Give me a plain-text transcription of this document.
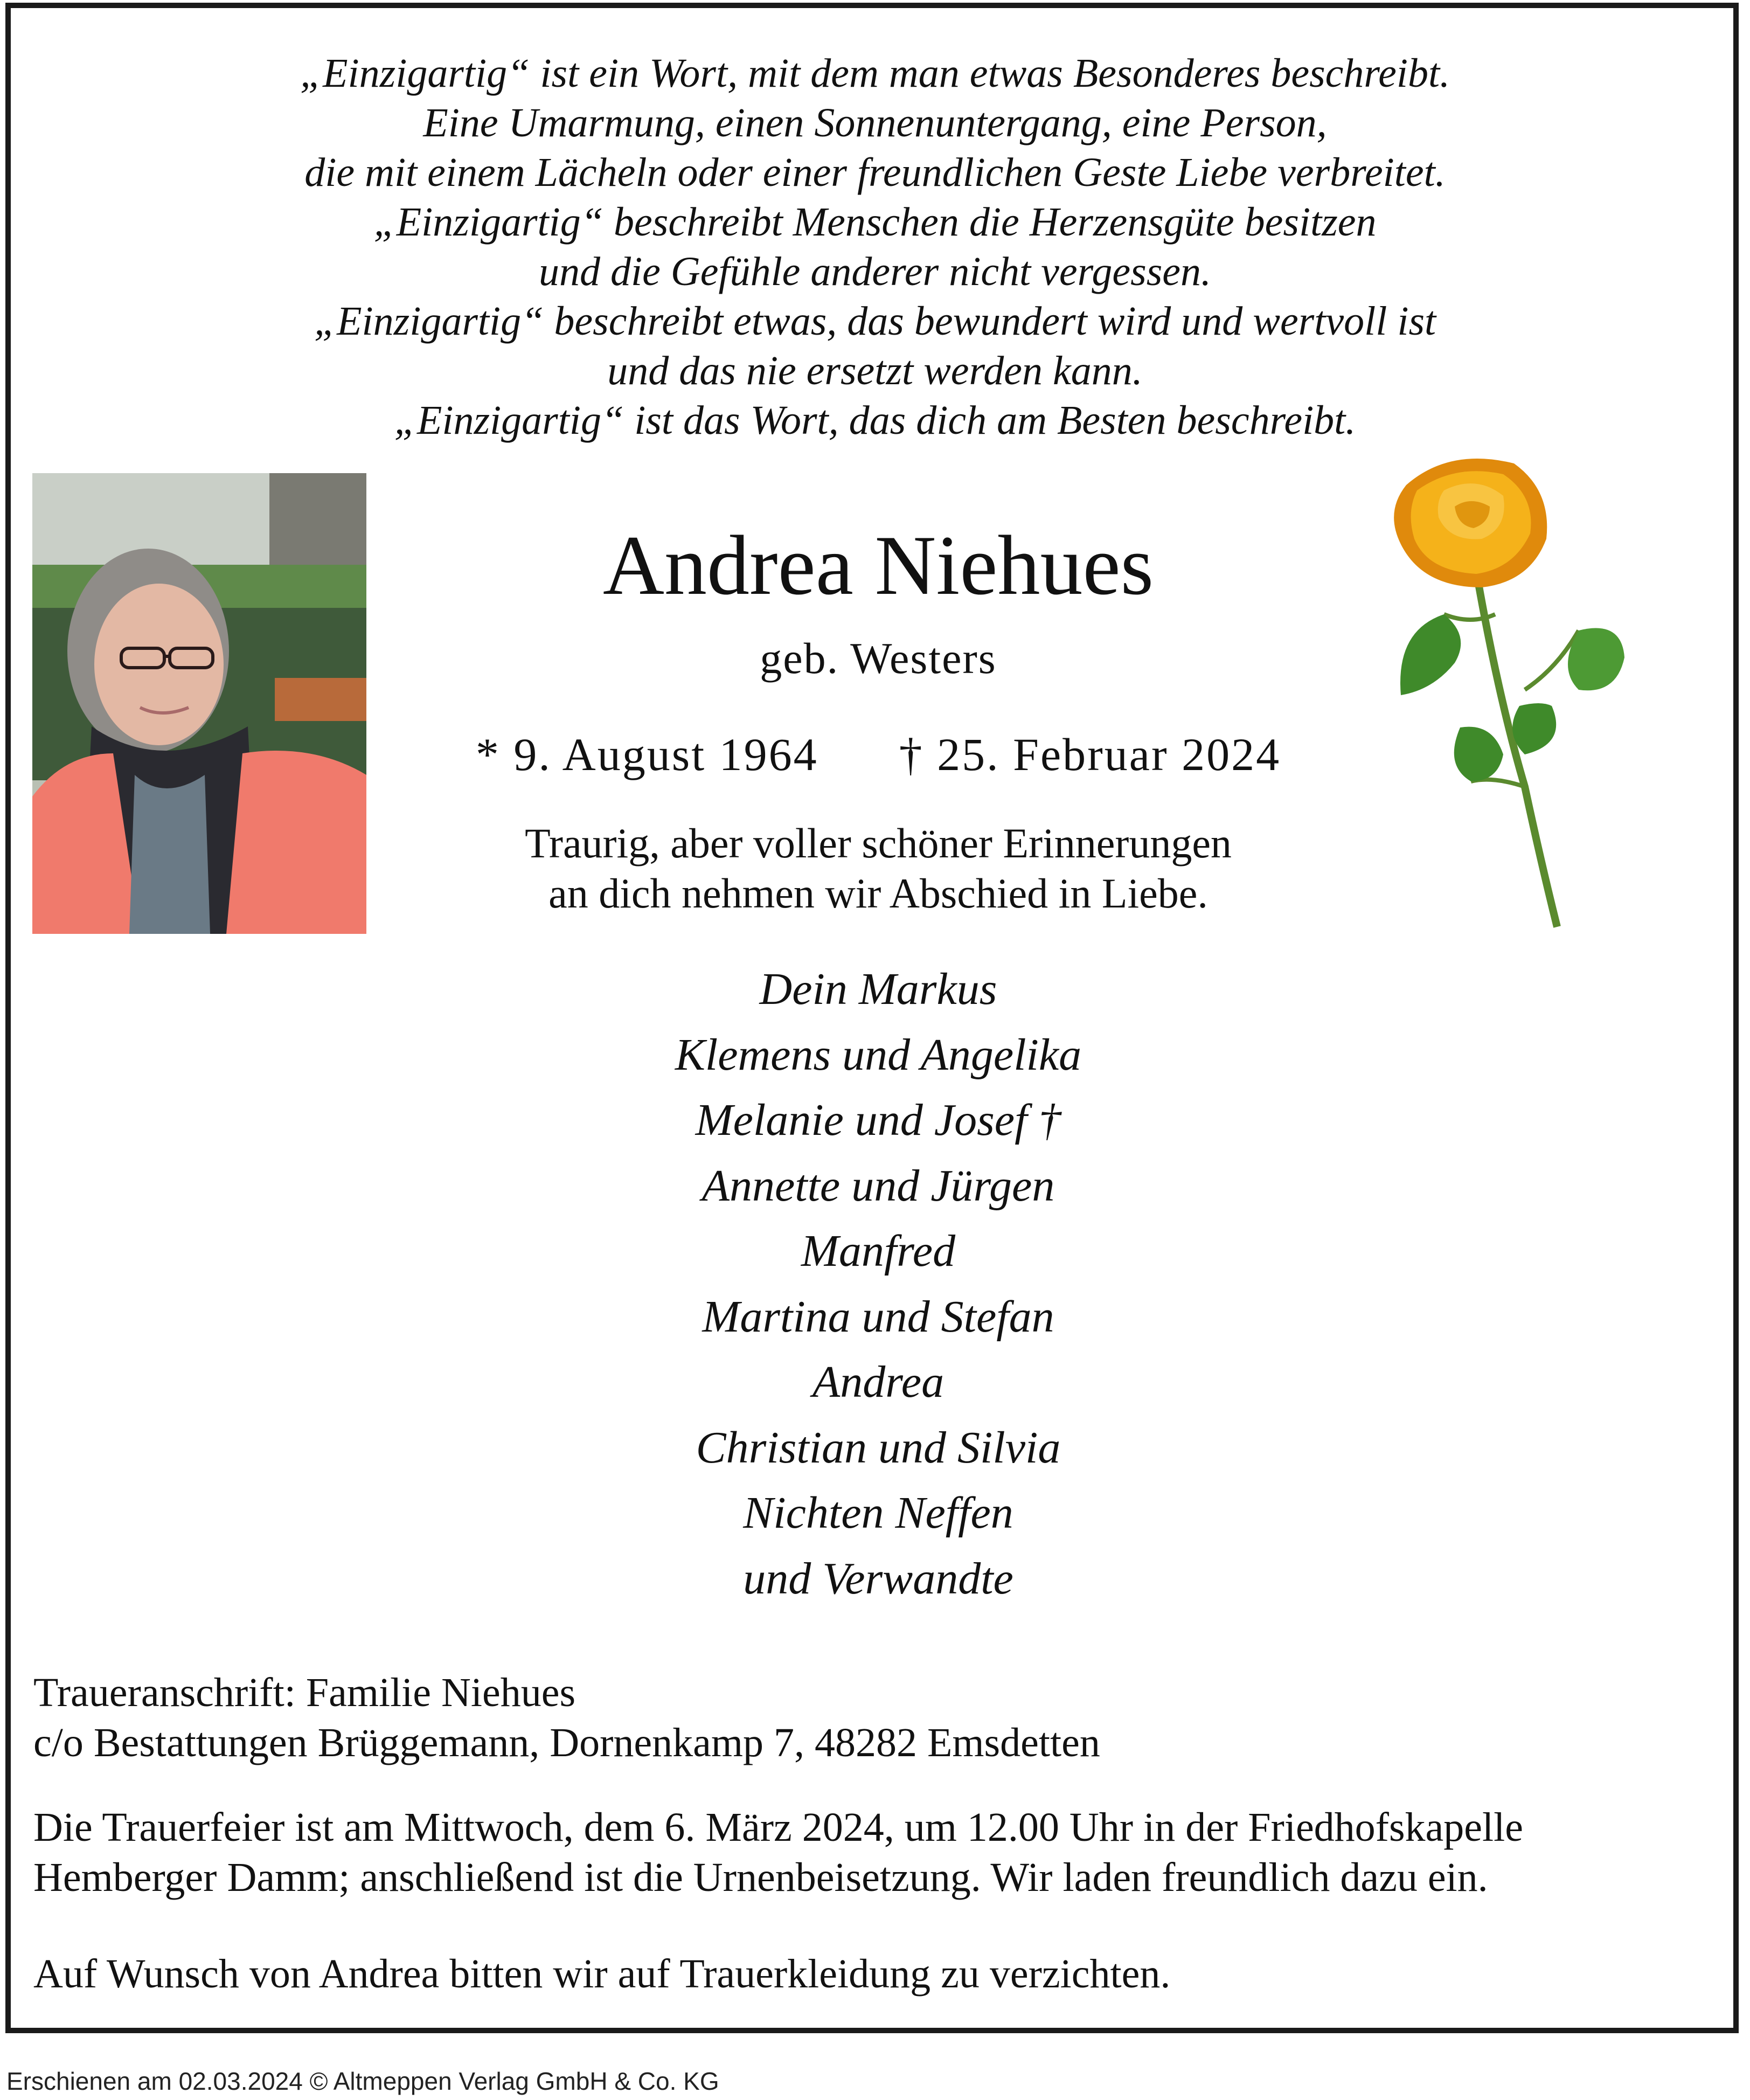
„Einzigartig“ ist ein Wort, mit dem man etwas Besonderes beschreibt.
Eine Umarmung, einen Sonnenuntergang, eine Person,
die mit einem Lächeln oder einer freundlichen Geste Liebe verbreitet.
„Einzigartig“ beschreibt Menschen die Herzensgüte besitzen
und die Gefühle anderer nicht vergessen.
„Einzigartig“ beschreibt etwas, das bewundert wird und wertvoll ist
und das nie ersetzt werden kann.
„Einzigartig“ ist das Wort, das dich am Besten beschreibt.
Andrea Niehues
geb. Westers
* 9. August 1964 † 25. Februar 2024
Traurig, aber voller schöner Erinnerungen
an dich nehmen wir Abschied in Liebe.
Dein Markus
Klemens und Angelika
Melanie und Josef †
Annette und Jürgen
Manfred
Martina und Stefan
Andrea
Christian und Silvia
Nichten Neffen
und Verwandte
Traueranschrift: Familie Niehues
c/o Bestattungen Brüggemann, Dornenkamp 7, 48282 Emsdetten
Die Trauerfeier ist am Mittwoch, dem 6. März 2024, um 12.00 Uhr in der Friedhofskapelle
Hemberger Damm; anschließend ist die Urnenbeisetzung. Wir laden freundlich dazu ein.
Auf Wunsch von Andrea bitten wir auf Trauerkleidung zu verzichten.
Erschienen am 02.03.2024 © Altmeppen Verlag GmbH & Co. KG
